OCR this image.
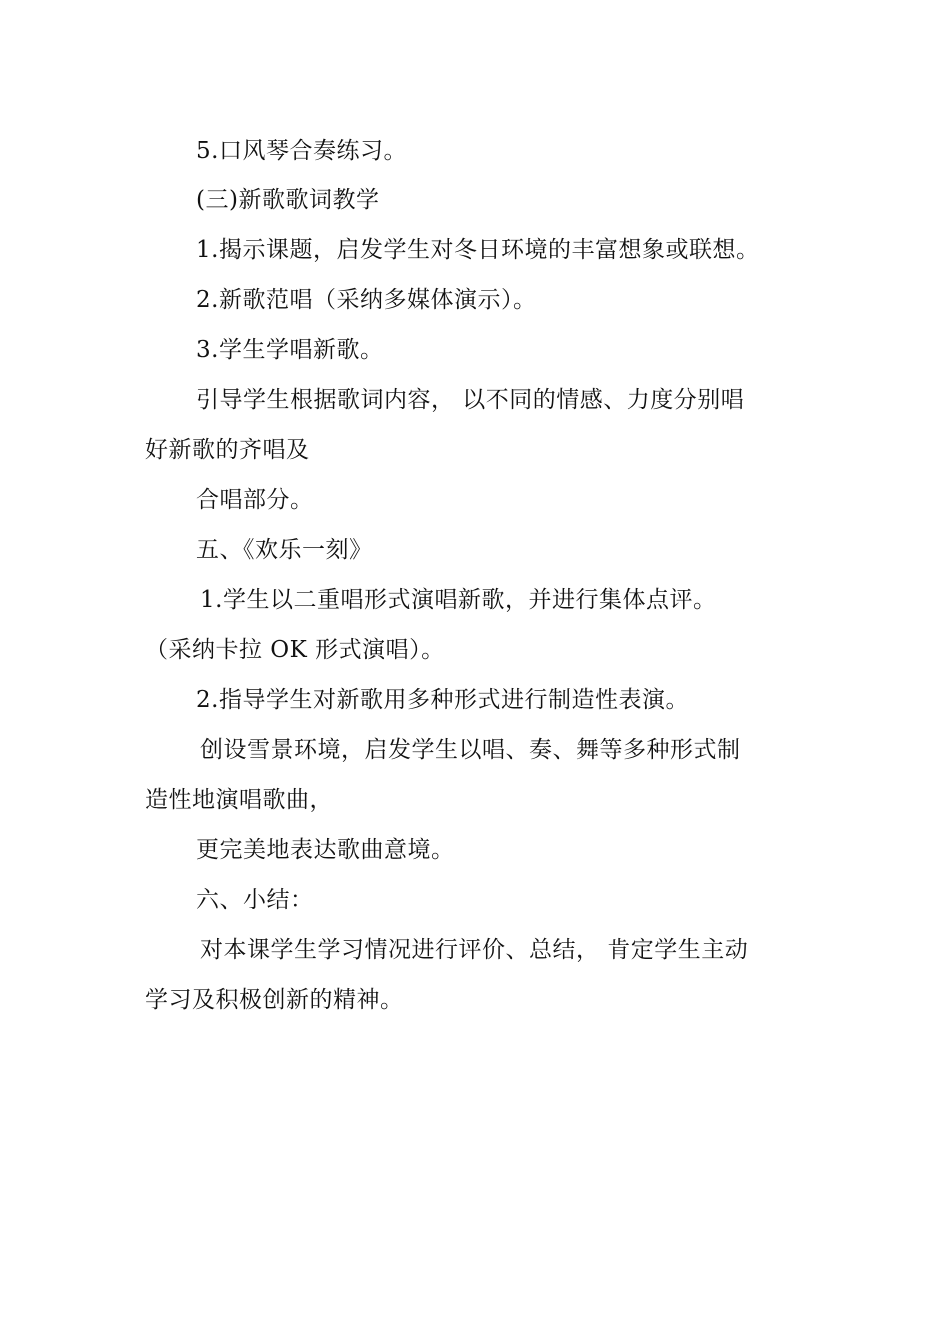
5.口风琴合奏练习。
(三)新歌歌词教学
1.揭示课题，启发学生对冬日环境的丰富想象或联想。
2.新歌范唱（采纳多媒体演示）。
3.学生学唱新歌。
引导学生根据歌词内容， 以不同的情感、力度分别唱
好新歌的齐唱及
合唱部分。
五、《欢乐一刻》
1.学生以二重唱形式演唱新歌，并进行集体点评。
（采纳卡拉 OK 形式演唱）。
2.指导学生对新歌用多种形式进行制造性表演。
创设雪景环境，启发学生以唱、奏、舞等多种形式制
造性地演唱歌曲，
更完美地表达歌曲意境。
六、小结：
对本课学生学习情况进行评价、总结， 肯定学生主动
学习及积极创新的精神。
